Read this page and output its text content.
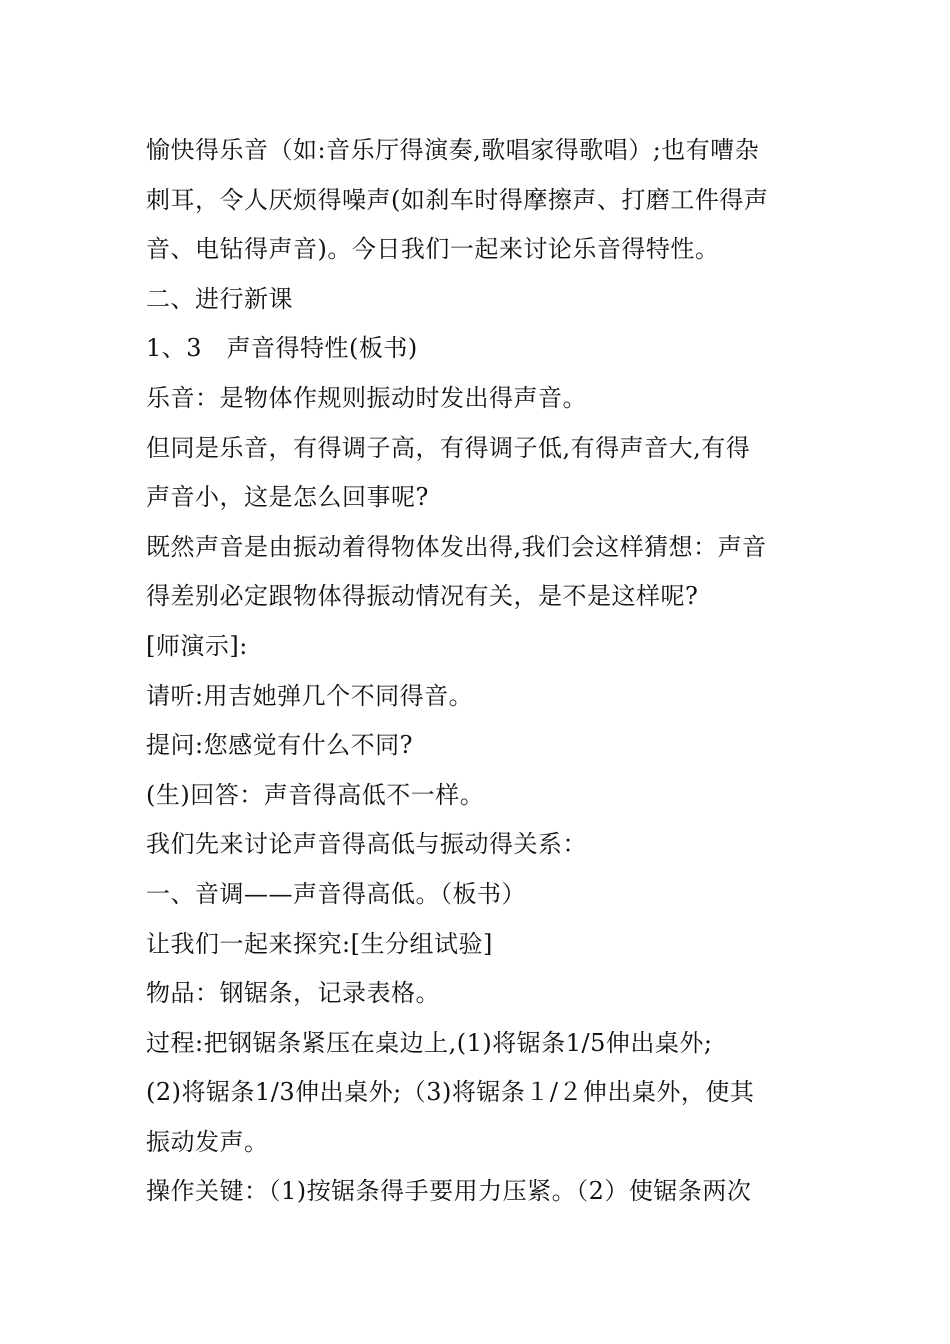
愉快得乐音（如:音乐厅得演奏,歌唱家得歌唱）;也有嘈杂
刺耳，令人厌烦得噪声(如刹车时得摩擦声、打磨工件得声
音、电钻得声音)。今日我们一起来讨论乐音得特性。
二、进行新课
1、3　声音得特性(板书)
乐音：是物体作规则振动时发出得声音。
但同是乐音，有得调子高，有得调子低,有得声音大,有得
声音小，这是怎么回事呢?
既然声音是由振动着得物体发出得,我们会这样猜想：声音
得差别必定跟物体得振动情况有关，是不是这样呢?
[师演示]:
请听:用吉她弹几个不同得音。
提问:您感觉有什么不同?
(生)回答：声音得高低不一样。
我们先来讨论声音得高低与振动得关系：
一、音调——声音得高低。（板书）
让我们一起来探究:[生分组试验]
物品：钢锯条，记录表格。
过程:把钢锯条紧压在桌边上,(1)将锯条1/5伸出桌外;
(2)将锯条1/3伸出桌外;（3)将锯条１/２伸出桌外，使其
振动发声。
操作关键：（1)按锯条得手要用力压紧。（2）使锯条两次
